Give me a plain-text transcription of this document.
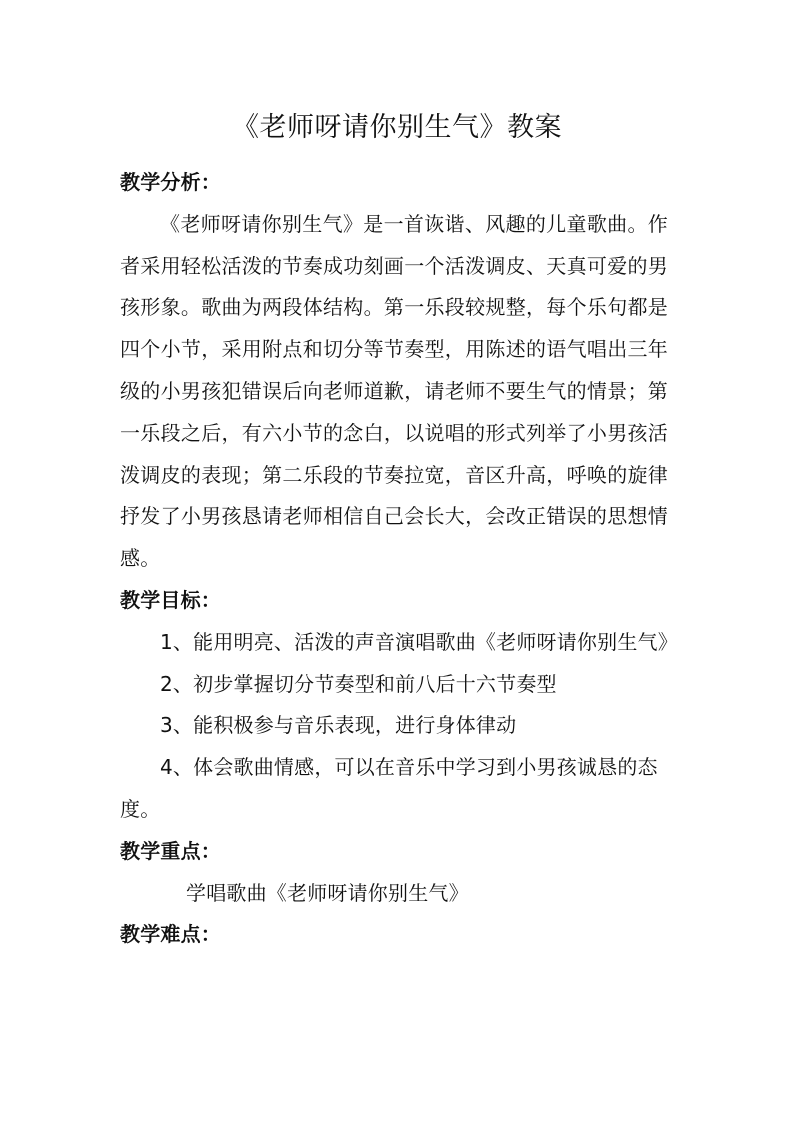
《老师呀请你别生气》教案

教学分析：

《老师呀请你别生气》是一首诙谐、风趣的儿童歌曲。作者采用轻松活泼的节奏成功刻画一个活泼调皮、天真可爱的男孩形象。歌曲为两段体结构。第一乐段较规整，每个乐句都是四个小节，采用附点和切分等节奏型，用陈述的语气唱出三年级的小男孩犯错误后向老师道歉，请老师不要生气的情景；第一乐段之后，有六小节的念白，以说唱的形式列举了小男孩活泼调皮的表现；第二乐段的节奏拉宽，音区升高，呼唤的旋律抒发了小男孩恳请老师相信自己会长大，会改正错误的思想情感。

教学目标：

1、能用明亮、活泼的声音演唱歌曲《老师呀请你别生气》

2、初步掌握切分节奏型和前八后十六节奏型

3、能积极参与音乐表现，进行身体律动

4、体会歌曲情感，可以在音乐中学习到小男孩诚恳的态度。

教学重点：

学唱歌曲《老师呀请你别生气》

教学难点：
